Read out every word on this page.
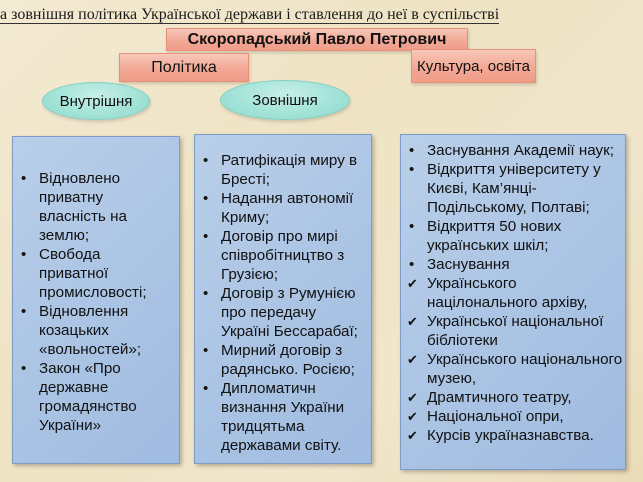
а зовнішня політика Української держави і ставлення до неї в суспільстві
Скоропадський Павло Петрович
Політика	Культура, освіта
Внутрішня	Зовнішня
• Відновлено приватну власність на землю;
• Свобода приватної промисловості;
• Відновлення козацьких «вольностей»;
• Закон «Про державне громадянство України»
• Ратифікація миру в Бресті;
• Надання автономії Криму;
• Договір про мирі співробітництво з Грузією;
• Договір з Румунією про передачу Україні Бессарабаї;
• Мирний договір з радянсько. Росією;
• Дипломатичн визнання України тридцятьма державами світу.
• Заснування Академії наук;
• Відкриття університету у Києві, Кам’янці-Подільському, Полтаві;
• Відкриття 50 нових українських шкіл;
• Заснування
✔ Українського націлонального архіву,
✔ Української національної бібліотеки
✔ Українського національного музею,
✔ Драмтичного театру,
✔ Національної опри,
✔ Курсів україназнавства.
